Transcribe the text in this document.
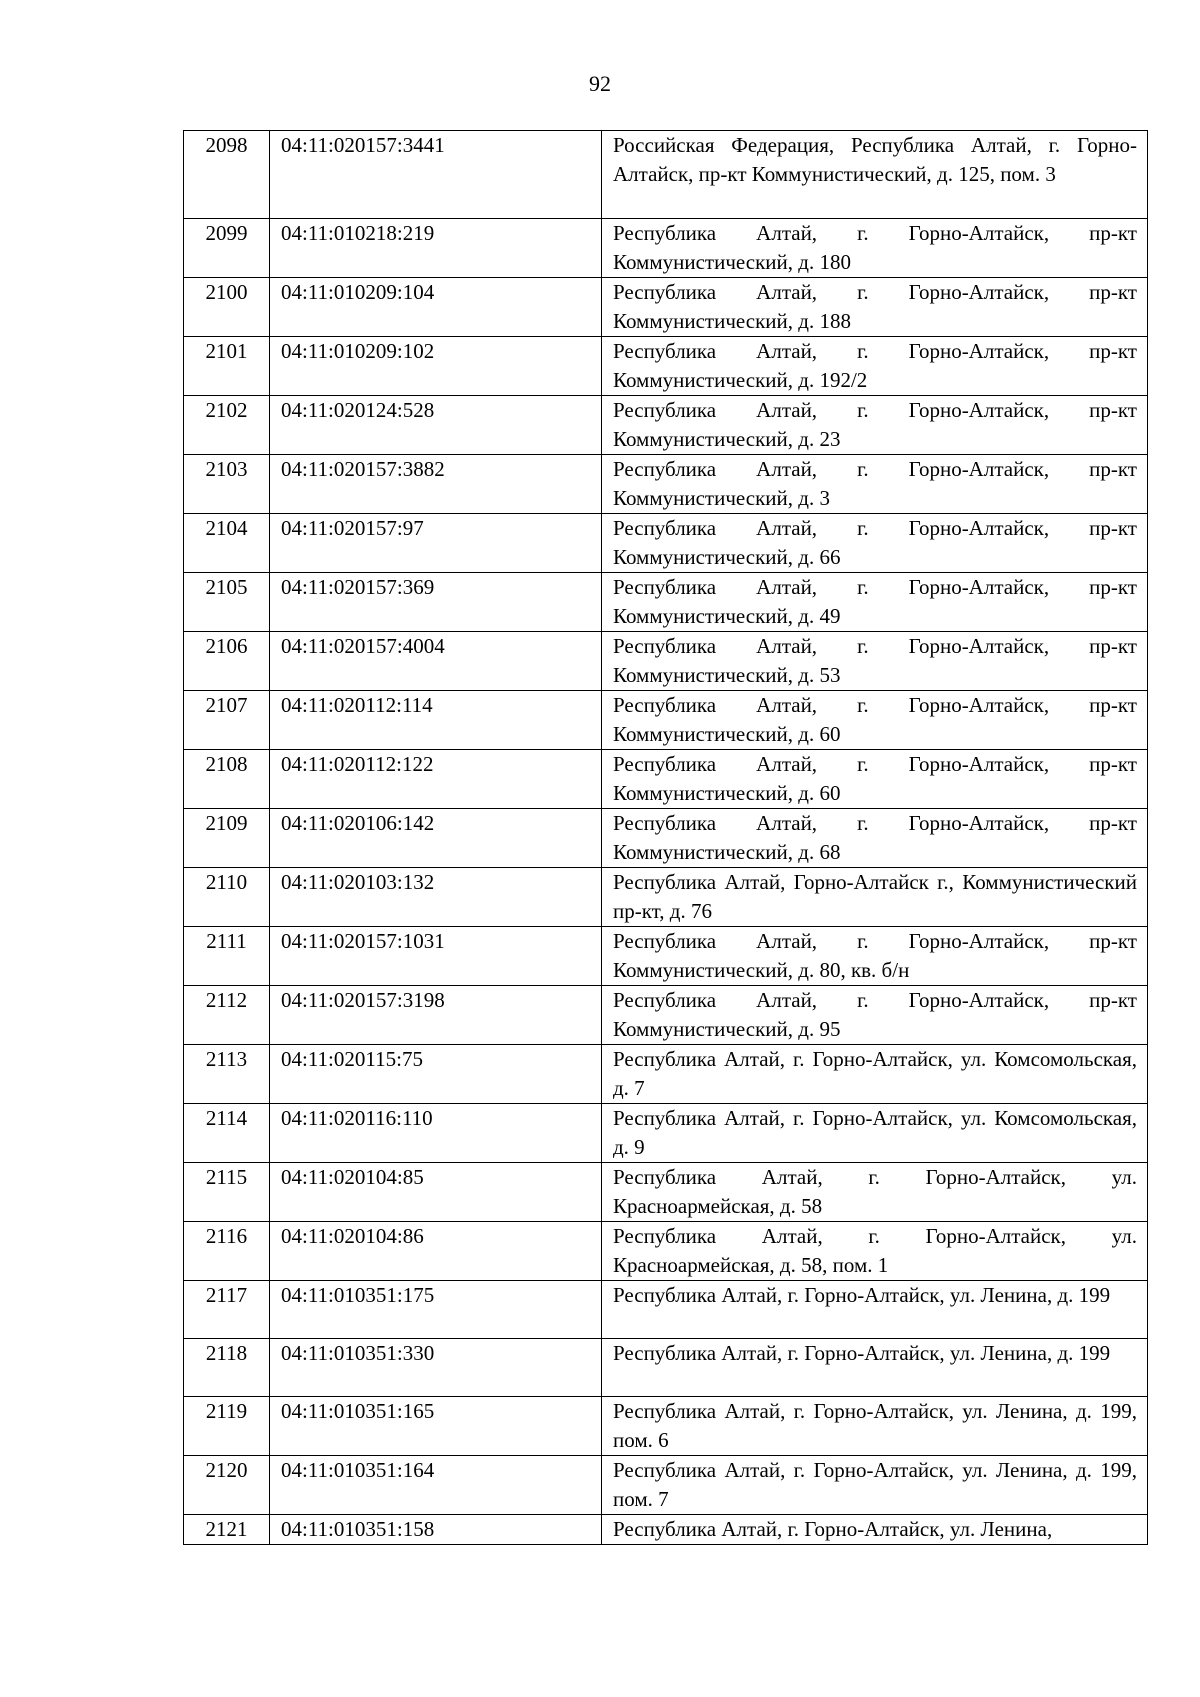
92
2098	04:11:020157:3441	Российская Федерация, Республика Алтай, г. Горно-Алтайск, пр-кт Коммунистический, д. 125, пом. 3

2099	04:11:010218:219	Республика Алтай, г. Горно-Алтайск, пр-кт Коммунистический, д. 180

2100	04:11:010209:104	Республика Алтай, г. Горно-Алтайск, пр-кт Коммунистический, д. 188

2101	04:11:010209:102	Республика Алтай, г. Горно-Алтайск, пр-кт Коммунистический, д. 192/2

2102	04:11:020124:528	Республика Алтай, г. Горно-Алтайск, пр-кт Коммунистический, д. 23

2103	04:11:020157:3882	Республика Алтай, г. Горно-Алтайск, пр-кт Коммунистический, д. 3

2104	04:11:020157:97	Республика Алтай, г. Горно-Алтайск, пр-кт Коммунистический, д. 66

2105	04:11:020157:369	Республика Алтай, г. Горно-Алтайск, пр-кт Коммунистический, д. 49

2106	04:11:020157:4004	Республика Алтай, г. Горно-Алтайск, пр-кт Коммунистический, д. 53

2107	04:11:020112:114	Республика Алтай, г. Горно-Алтайск, пр-кт Коммунистический, д. 60

2108	04:11:020112:122	Республика Алтай, г. Горно-Алтайск, пр-кт Коммунистический, д. 60

2109	04:11:020106:142	Республика Алтай, г. Горно-Алтайск, пр-кт Коммунистический, д. 68

2110	04:11:020103:132	Республика Алтай, Горно-Алтайск г., Коммунистический пр-кт, д. 76

2111	04:11:020157:1031	Республика Алтай, г. Горно-Алтайск, пр-кт Коммунистический, д. 80, кв. б/н

2112	04:11:020157:3198	Республика Алтай, г. Горно-Алтайск, пр-кт Коммунистический, д. 95

2113	04:11:020115:75	Республика Алтай, г. Горно-Алтайск, ул. Комсомольская, д. 7

2114	04:11:020116:110	Республика Алтай, г. Горно-Алтайск, ул. Комсомольская, д. 9

2115	04:11:020104:85	Республика Алтай, г. Горно-Алтайск, ул. Красноармейская, д. 58

2116	04:11:020104:86	Республика Алтай, г. Горно-Алтайск, ул. Красноармейская, д. 58, пом. 1

2117	04:11:010351:175	Республика Алтай, г. Горно-Алтайск, ул. Ленина, д. 199

2118	04:11:010351:330	Республика Алтай, г. Горно-Алтайск, ул. Ленина, д. 199

2119	04:11:010351:165	Республика Алтай, г. Горно-Алтайск, ул. Ленина, д. 199, пом. 6

2120	04:11:010351:164	Республика Алтай, г. Горно-Алтайск, ул. Ленина, д. 199, пом. 7

2121	04:11:010351:158	Республика Алтай, г. Горно-Алтайск, ул. Ленина,
